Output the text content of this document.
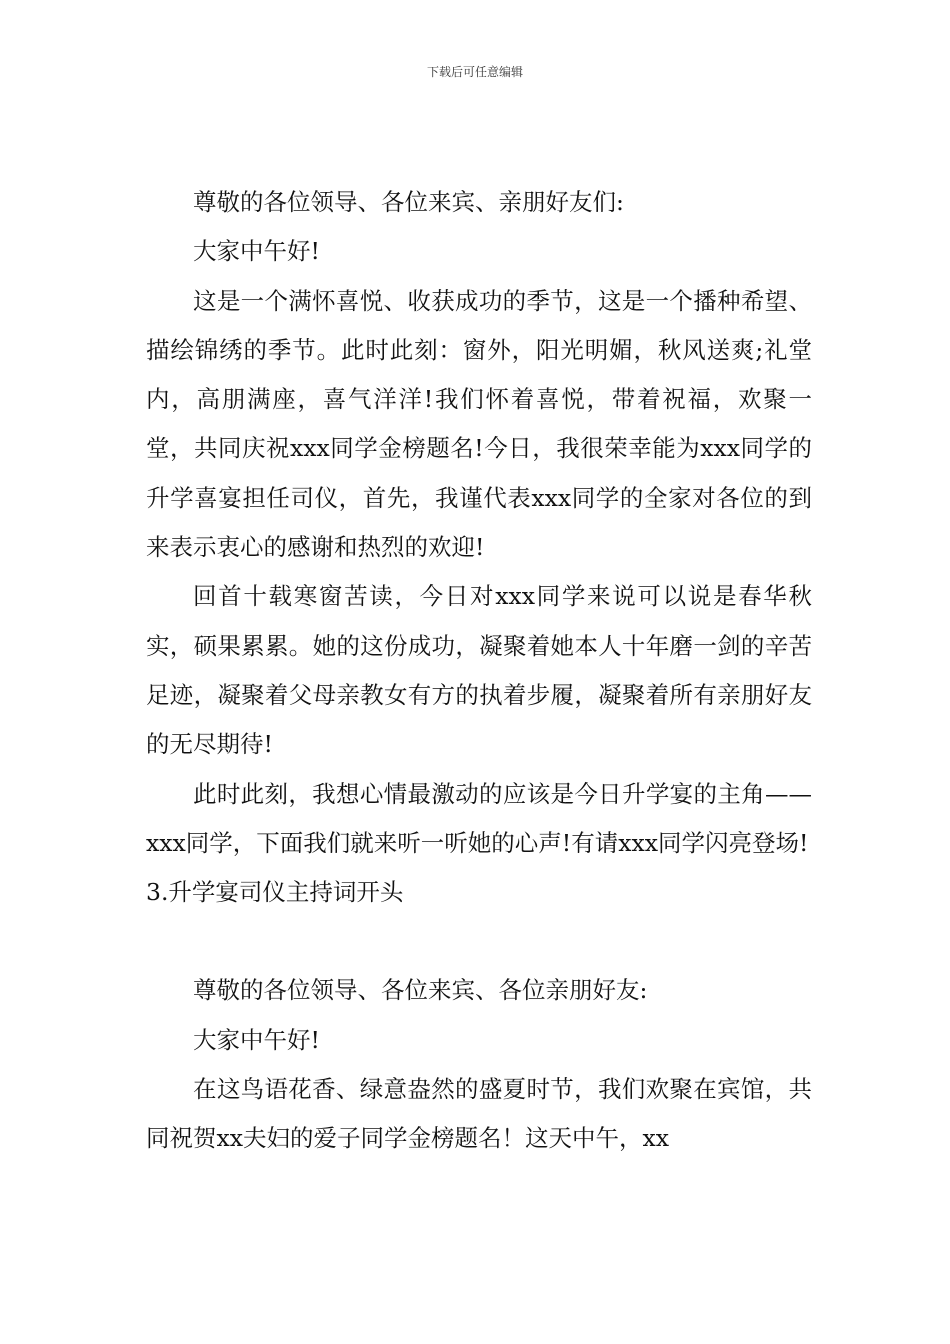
下载后可任意编辑

尊敬的各位领导、各位来宾、亲朋好友们:

大家中午好!

这是一个满怀喜悦、收获成功的季节，这是一个播种希望、描绘锦绣的季节。此时此刻：窗外，阳光明媚，秋风送爽;礼堂内，高朋满座，喜气洋洋!我们怀着喜悦，带着祝福，欢聚一堂，共同庆祝xxx同学金榜题名!今日，我很荣幸能为xxx同学的升学喜宴担任司仪，首先，我谨代表xxx同学的全家对各位的到来表示衷心的感谢和热烈的欢迎!

回首十载寒窗苦读，今日对xxx同学来说可以说是春华秋实，硕果累累。她的这份成功，凝聚着她本人十年磨一剑的辛苦足迹，凝聚着父母亲教女有方的执着步履，凝聚着所有亲朋好友的无尽期待!

此时此刻，我想心情最激动的应该是今日升学宴的主角——xxx同学，下面我们就来听一听她的心声!有请xxx同学闪亮登场!

3.升学宴司仪主持词开头

尊敬的各位领导、各位来宾、各位亲朋好友:

大家中午好!

在这鸟语花香、绿意盎然的盛夏时节，我们欢聚在宾馆，共同祝贺xx夫妇的爱子同学金榜题名！这天中午，xx
